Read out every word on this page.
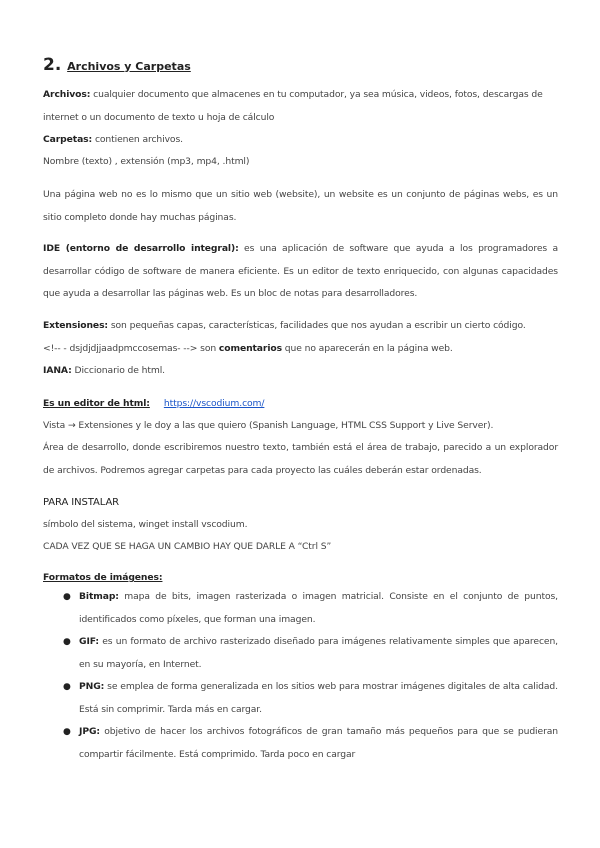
2. Archivos y Carpetas
Archivos: cualquier documento que almacenes en tu computador, ya sea música, videos, fotos, descargas de internet o un documento de texto u hoja de cálculo
Carpetas: contienen archivos.
Nombre (texto) , extensión (mp3, mp4, .html)
Una página web no es lo mismo que un sitio web (website), un website es un conjunto de páginas webs, es un sitio completo donde hay muchas páginas.
IDE (entorno de desarrollo integral): es una aplicación de software que ayuda a los programadores a desarrollar código de software de manera eficiente. Es un editor de texto enriquecido, con algunas capacidades que ayuda a desarrollar las páginas web. Es un bloc de notas para desarrolladores.
Extensiones: son pequeñas capas, características, facilidades que nos ayudan a escribir un cierto código.
<!-- - dsjdjdjjaadpmccosemas- --> son comentarios que no aparecerán en la página web.
IANA: Diccionario de html.
Es un editor de html: https://vscodium.com/
Vista → Extensiones y le doy a las que quiero (Spanish Language, HTML CSS Support y Live Server).
Área de desarrollo, donde escribiremos nuestro texto, también está el área de trabajo, parecido a un explorador de archivos. Podremos agregar carpetas para cada proyecto las cuáles deberán estar ordenadas.
PARA INSTALAR
símbolo del sistema, winget install vscodium.
CADA VEZ QUE SE HAGA UN CAMBIO HAY QUE DARLE A “Ctrl S”
Formatos de imágenes:
● Bitmap: mapa de bits, imagen rasterizada o imagen matricial. Consiste en el conjunto de puntos, identificados como píxeles, que forman una imagen.
● GIF: es un formato de archivo rasterizado diseñado para imágenes relativamente simples que aparecen, en su mayoría, en Internet.
● PNG: se emplea de forma generalizada en los sitios web para mostrar imágenes digitales de alta calidad. Está sin comprimir. Tarda más en cargar.
● JPG: objetivo de hacer los archivos fotográficos de gran tamaño más pequeños para que se pudieran compartir fácilmente. Está comprimido. Tarda poco en cargar
